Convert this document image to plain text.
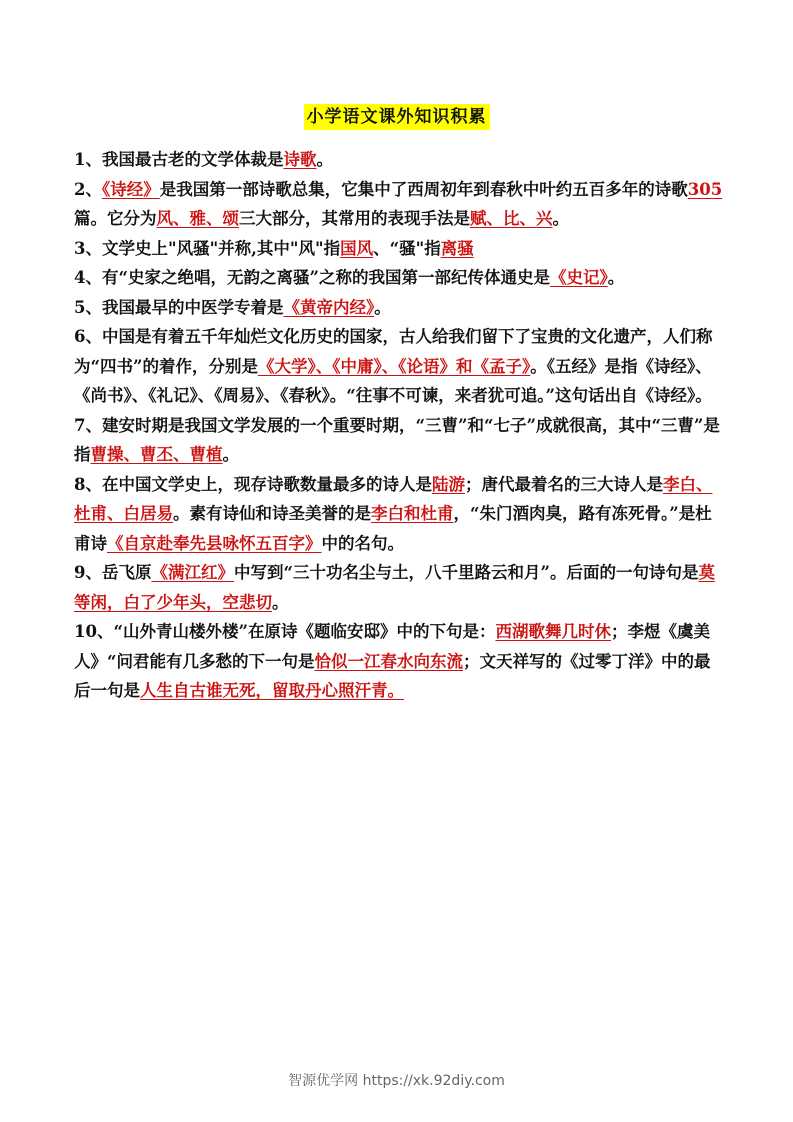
小学语文课外知识积累

1、我国最古老的文学体裁是诗歌。

2、《诗经》是我国第一部诗歌总集，它集中了西周初年到春秋中叶约五百多年的诗歌305篇。它分为风、雅、颂三大部分，其常用的表现手法是赋、比、兴。

3、文学史上"风骚"并称,其中"风"指国风、“骚"指离骚

4、有“史家之绝唱，无韵之离骚”之称的我国第一部纪传体通史是《史记》。

5、我国最早的中医学专着是《黄帝内经》。

6、中国是有着五千年灿烂文化历史的国家，古人给我们留下了宝贵的文化遗产，人们称为“四书”的着作，分别是《大学》、《中庸》、《论语》和《孟子》。《五经》是指《诗经》、《尚书》、《礼记》、《周易》、《春秋》。“往事不可谏，来者犹可追。”这句话出自《诗经》。

7、建安时期是我国文学发展的一个重要时期，“三曹”和“七子”成就很高，其中“三曹”是指曹操、曹丕、曹植。

8、在中国文学史上，现存诗歌数量最多的诗人是陆游；唐代最着名的三大诗人是李白、杜甫、白居易。素有诗仙和诗圣美誉的是李白和杜甫，“朱门酒肉臭，路有冻死骨。”是杜甫诗《自京赴奉先县咏怀五百字》中的名句。

9、岳飞原《满江红》中写到“三十功名尘与土，八千里路云和月”。后面的一句诗句是莫等闲，白了少年头，空悲切。

10、“山外青山楼外楼”在原诗《题临安邸》中的下句是：西湖歌舞几时休；李煜《虞美人》“问君能有几多愁的下一句是恰似一江春水向东流；文天祥写的《过零丁洋》中的最后一句是人生自古谁无死，留取丹心照汗青。

智源优学网 https://xk.92diy.com
